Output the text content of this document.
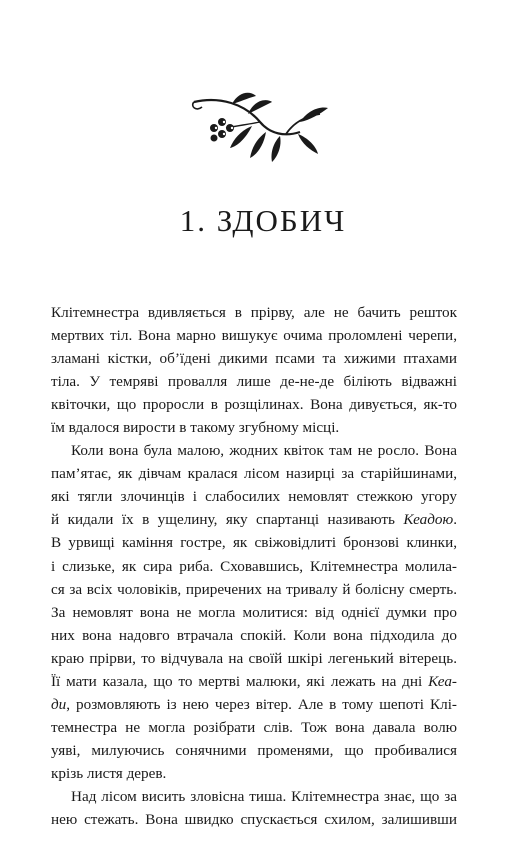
1. ЗДОБИЧ
Клітемнестра вдивляється в прірву, але не бачить решток
мертвих тіл. Вона марно вишукує очима проломлені черепи,
зламані кістки, об’їдені дикими псами та хижими птахами
тіла. У темряві провалля лише де-не-де біліють відважні
квіточки, що проросли в розщілинах. Вона дивується, як-то
їм вдалося вирости в такому згубному місці.
Коли вона була малою, жодних квіток там не росло. Вона
пам’ятає, як дівчам кралася лісом назирці за старійшинами,
які тягли злочинців і слабосилих немовлят стежкою угору
й кидали їх в ущелину, яку спартанці називають Кеадою.
В урвищі каміння гостре, як свіжовідлиті бронзові клинки,
і слизьке, як сира риба. Сховавшись, Клітемнестра молила-
ся за всіх чоловіків, приречених на тривалу й болісну смерть.
За немовлят вона не могла молитися: від однієї думки про
них вона надовго втрачала спокій. Коли вона підходила до
краю прірви, то відчувала на своїй шкірі легенький вітерець.
Її мати казала, що то мертві малюки, які лежать на дні Кеа-
ди, розмовляють із нею через вітер. Але в тому шепоті Клі-
темнестра не могла розібрати слів. Тож вона давала волю
уяві, милуючись сонячними променями, що пробивалися
крізь листя дерев.
Над лісом висить зловісна тиша. Клітемнестра знає, що за
нею стежать. Вона швидко спускається схилом, залишивши
